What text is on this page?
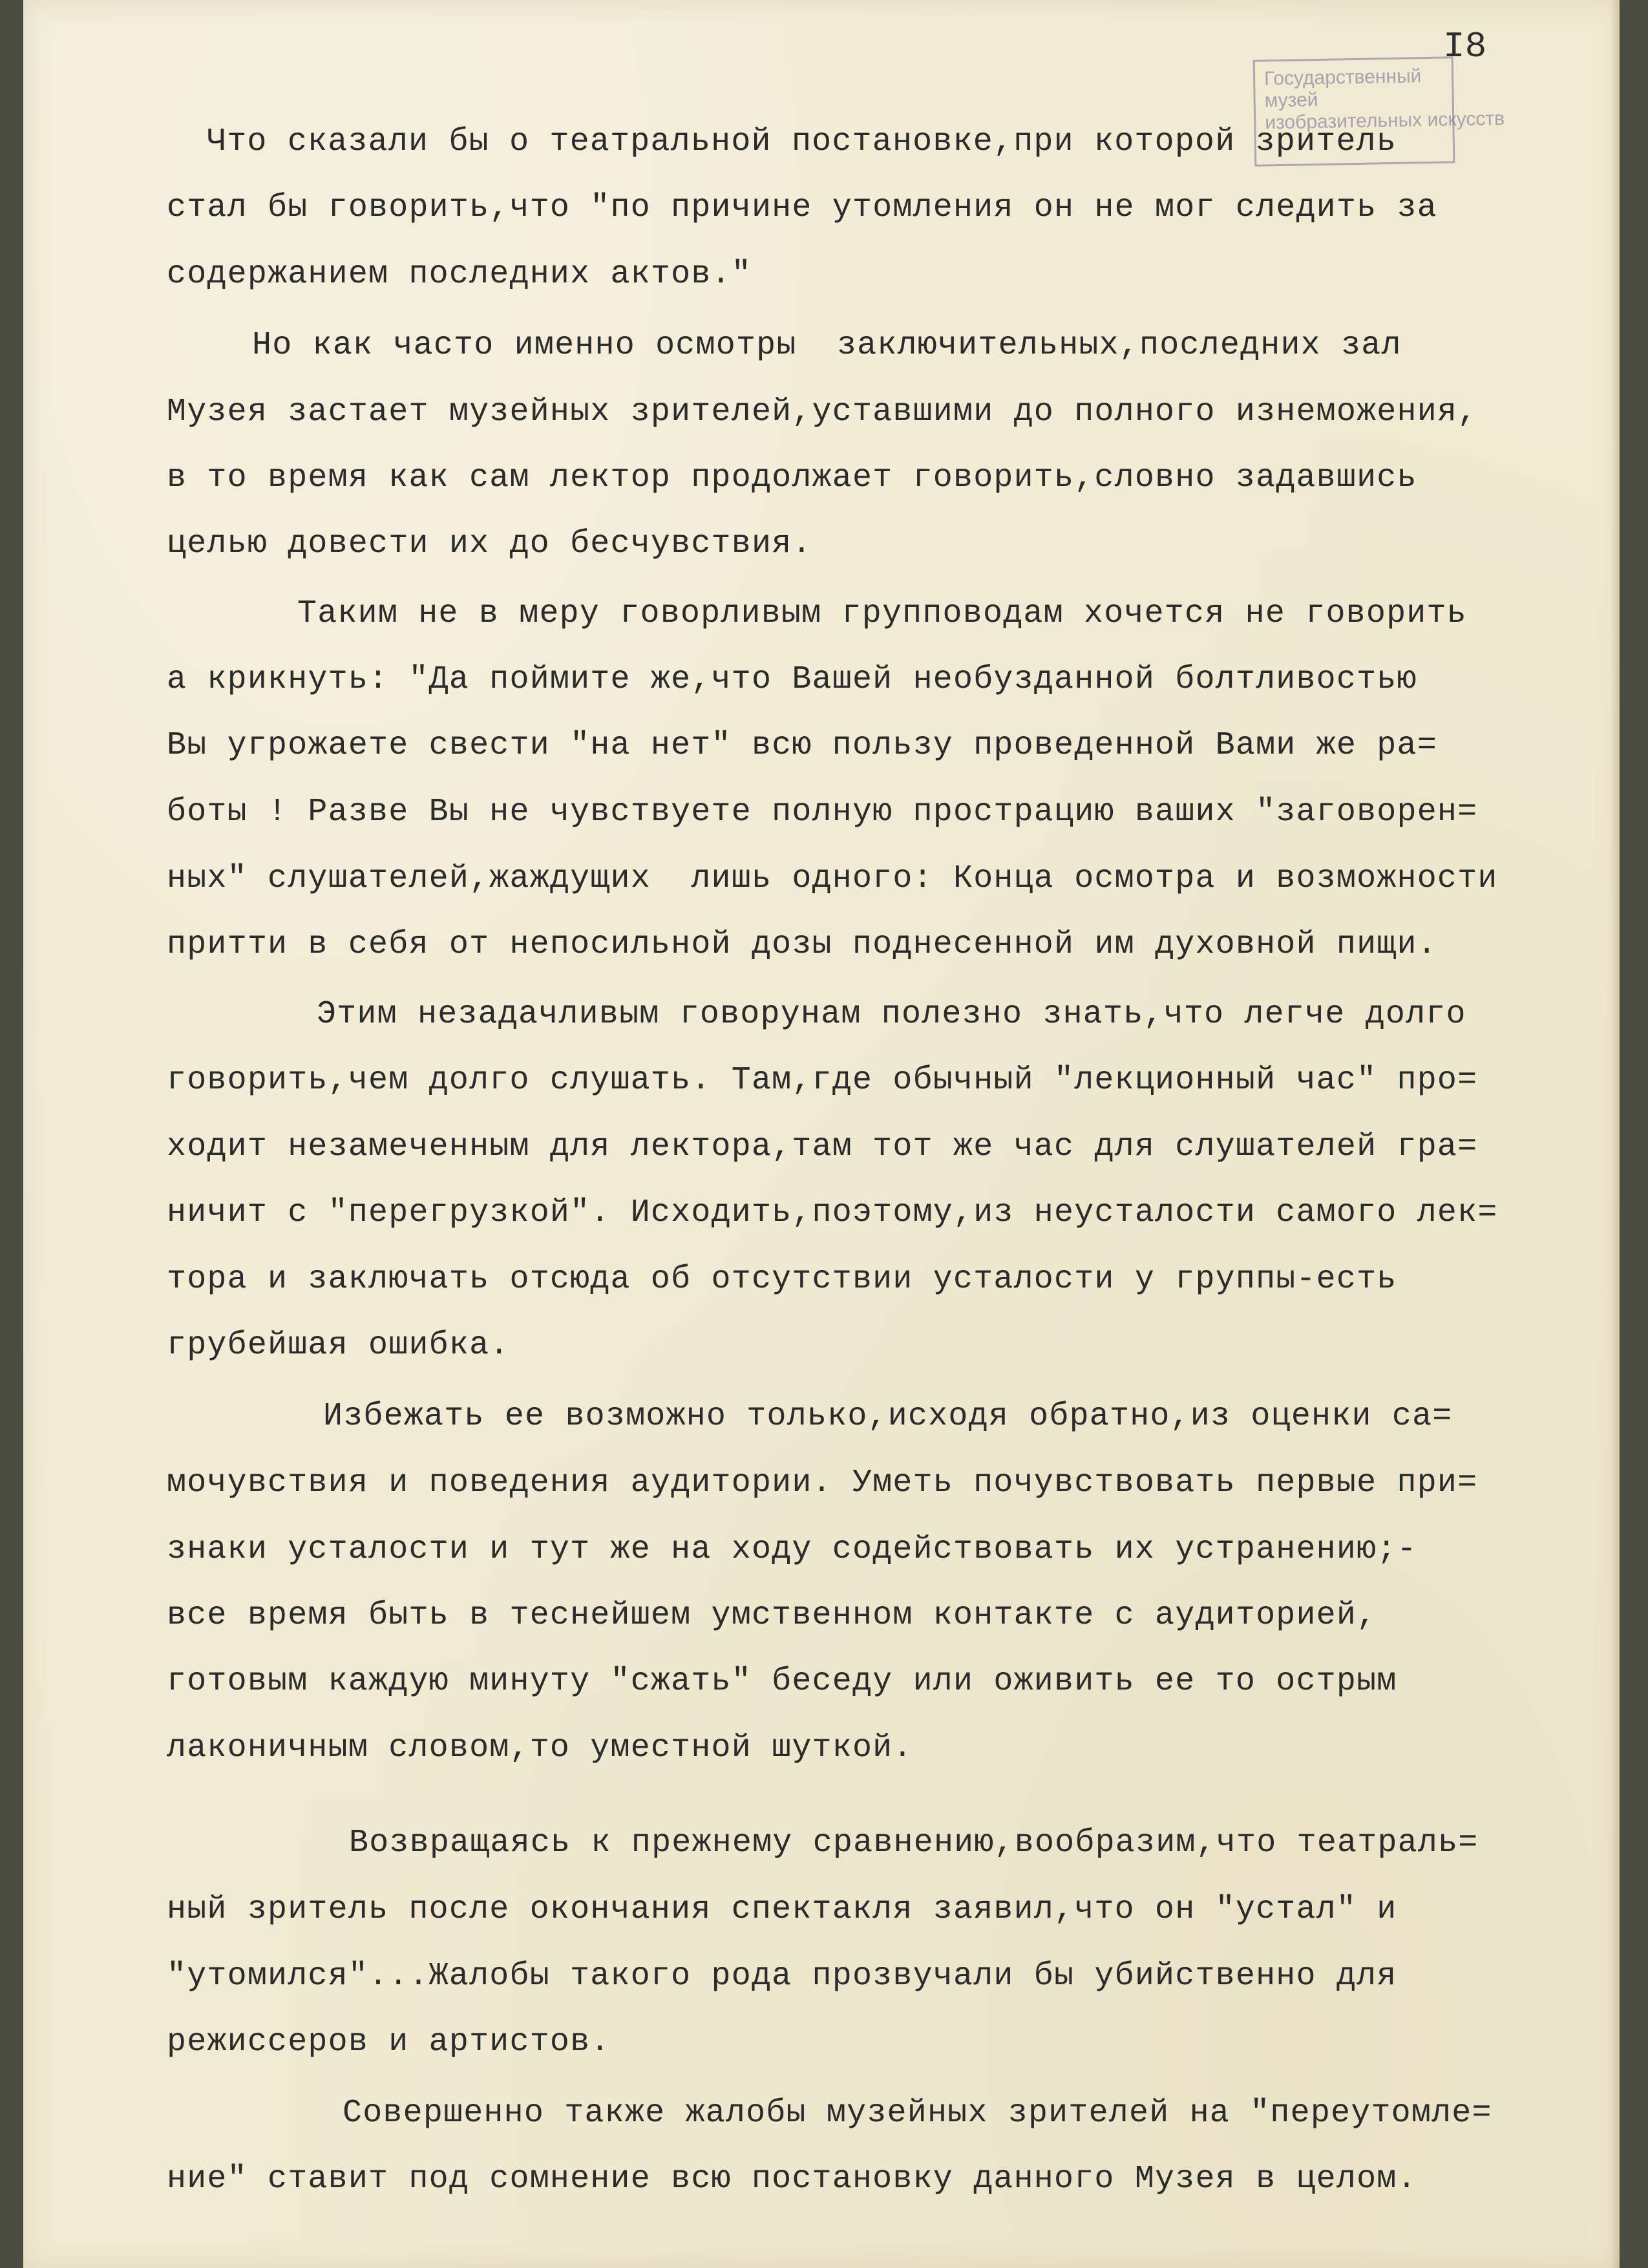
Государственный
музей
изобразительных искусств
I8
Что сказали бы о театральной постановке,при которой зритель
стал бы говорить,что "по причине утомления он не мог следить за
содержанием последних актов."
Но как часто именно осмотры  заключительных,последних зал
Музея застает музейных зрителей,уставшими до полного изнеможения,
в то время как сам лектор продолжает говорить,словно задавшись
целью довести их до бесчувствия.
Таким не в меру говорливым групповодам хочется не говорить
а крикнуть: "Да поймите же,что Вашей необузданной болтливостью
Вы угрожаете свести "на нет" всю пользу проведенной Вами же ра=
боты ! Разве Вы не чувствуете полную прострацию ваших "заговорен=
ных" слушателей,жаждущих  лишь одного: Конца осмотра и возможности
притти в себя от непосильной дозы поднесенной им духовной пищи.
Этим незадачливым говорунам полезно знать,что легче долго
говорить,чем долго слушать. Там,где обычный "лекционный час" про=
ходит незамеченным для лектора,там тот же час для слушателей гра=
ничит с "перегрузкой". Исходить,поэтому,из неусталости самого лек=
тора и заключать отсюда об отсутствии усталости у группы-есть
грубейшая ошибка.
Избежать ее возможно только,исходя обратно,из оценки са=
мочувствия и поведения аудитории. Уметь почувствовать первые при=
знаки усталости и тут же на ходу содействовать их устранению;-
все время быть в теснейшем умственном контакте с аудиторией,
готовым каждую минуту "сжать" беседу или оживить ее то острым
лаконичным словом,то уместной шуткой.
Возвращаясь к прежнему сравнению,вообразим,что театраль=
ный зритель после окончания спектакля заявил,что он "устал" и
"утомился"...Жалобы такого рода прозвучали бы убийственно для
режиссеров и артистов.
Совершенно также жалобы музейных зрителей на "переутомле=
ние" ставит под сомнение всю постановку данного Музея в целом.
